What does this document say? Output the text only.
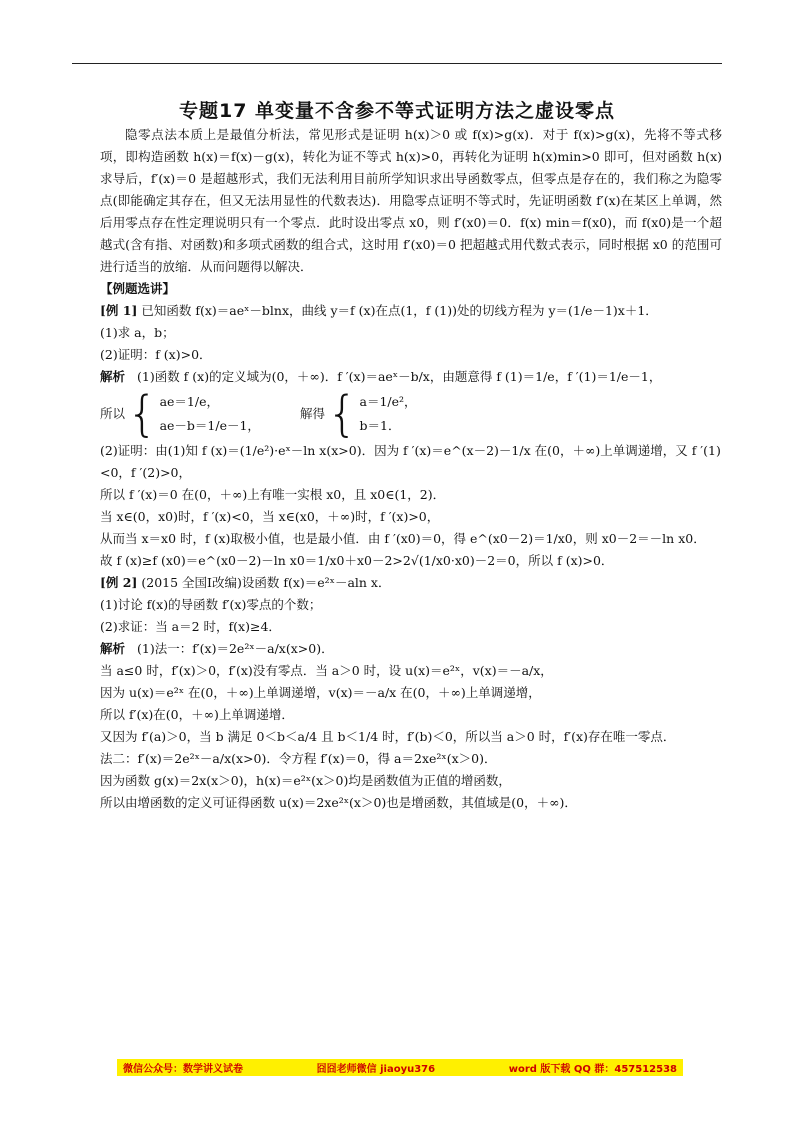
专题17 单变量不含参不等式证明方法之虚设零点

隐零点法本质上是最值分析法，常见形式是证明 h(x)＞0 或 f(x)>g(x)．对于 f(x)>g(x)，先将不等式移项，即构造函数 h(x)＝f(x)－g(x)，转化为证不等式 h(x)>0，再转化为证明 h(x)min>0 即可，但对函数 h(x)求导后，f′(x)＝0 是超越形式，我们无法利用目前所学知识求出导函数零点，但零点是存在的，我们称之为隐零点(即能确定其存在，但又无法用显性的代数表达)．用隐零点证明不等式时，先证明函数 f′(x)在某区上单调，然后用零点存在性定理说明只有一个零点．此时设出零点 x0，则 f′(x0)＝0．f(x) min＝f(x0)，而 f(x0)是一个超越式(含有指、对函数)和多项式函数的组合式，这时用 f′(x0)＝0 把超越式用代数式表示，同时根据 x0 的范围可进行适当的放缩．从而问题得以解决．

【例题选讲】

[例 1] 已知函数 f(x)＝aeˣ－blnx，曲线 y＝f (x)在点(1，f (1))处的切线方程为 y＝(1/e－1)x＋1．

(1)求 a，b；

(2)证明：f (x)>0．

解析 (1)函数 f (x)的定义域为(0，＋∞)．f ′(x)＝aeˣ－b/x，由题意得 f (1)＝1/e，f ′(1)＝1/e－1，

所以 { ae＝1/e，
ae－b＝1/e－1，
解得 { a＝1/e²，
b＝1．

(2)证明：由(1)知 f (x)＝(1/e²)·eˣ－ln x(x>0)．因为 f ′(x)＝e^(x－2)－1/x 在(0，＋∞)上单调递增，又 f ′(1)<0，f ′(2)>0，

所以 f ′(x)＝0 在(0，＋∞)上有唯一实根 x0，且 x0∈(1，2)．

当 x∈(0，x0)时，f ′(x)<0，当 x∈(x0，＋∞)时，f ′(x)>0，

从而当 x＝x0 时，f (x)取极小值，也是最小值．由 f ′(x0)＝0，得 e^(x0－2)＝1/x0，则 x0－2＝－ln x0．

故 f (x)≥f (x0)＝e^(x0－2)－ln x0＝1/x0＋x0－2>2√(1/x0·x0)－2＝0，所以 f (x)>0．

[例 2] (2015 全国Ⅰ改编)设函数 f(x)＝e²ˣ－aln x．

(1)讨论 f(x)的导函数 f′(x)零点的个数；

(2)求证：当 a＝2 时，f(x)≥4．

解析 (1)法一：f′(x)＝2e²ˣ－a/x(x>0)．

当 a≤0 时，f′(x)＞0，f′(x)没有零点．当 a＞0 时，设 u(x)＝e²ˣ，v(x)＝－a/x，

因为 u(x)＝e²ˣ 在(0，＋∞)上单调递增，v(x)＝－a/x 在(0，＋∞)上单调递增，

所以 f′(x)在(0，＋∞)上单调递增．

又因为 f′(a)＞0，当 b 满足 0＜b＜a/4 且 b＜1/4 时，f′(b)＜0，所以当 a＞0 时，f′(x)存在唯一零点．

法二：f′(x)＝2e²ˣ－a/x(x>0)．令方程 f′(x)＝0，得 a＝2xe²ˣ(x＞0)．

因为函数 g(x)＝2x(x＞0)，h(x)＝e²ˣ(x＞0)均是函数值为正值的增函数，

所以由增函数的定义可证得函数 u(x)＝2xe²ˣ(x＞0)也是增函数，其值域是(0，＋∞)．

微信公众号：数学讲义试卷	囧囧老师微信 jiaoyu376	word 版下载 QQ 群：457512538
